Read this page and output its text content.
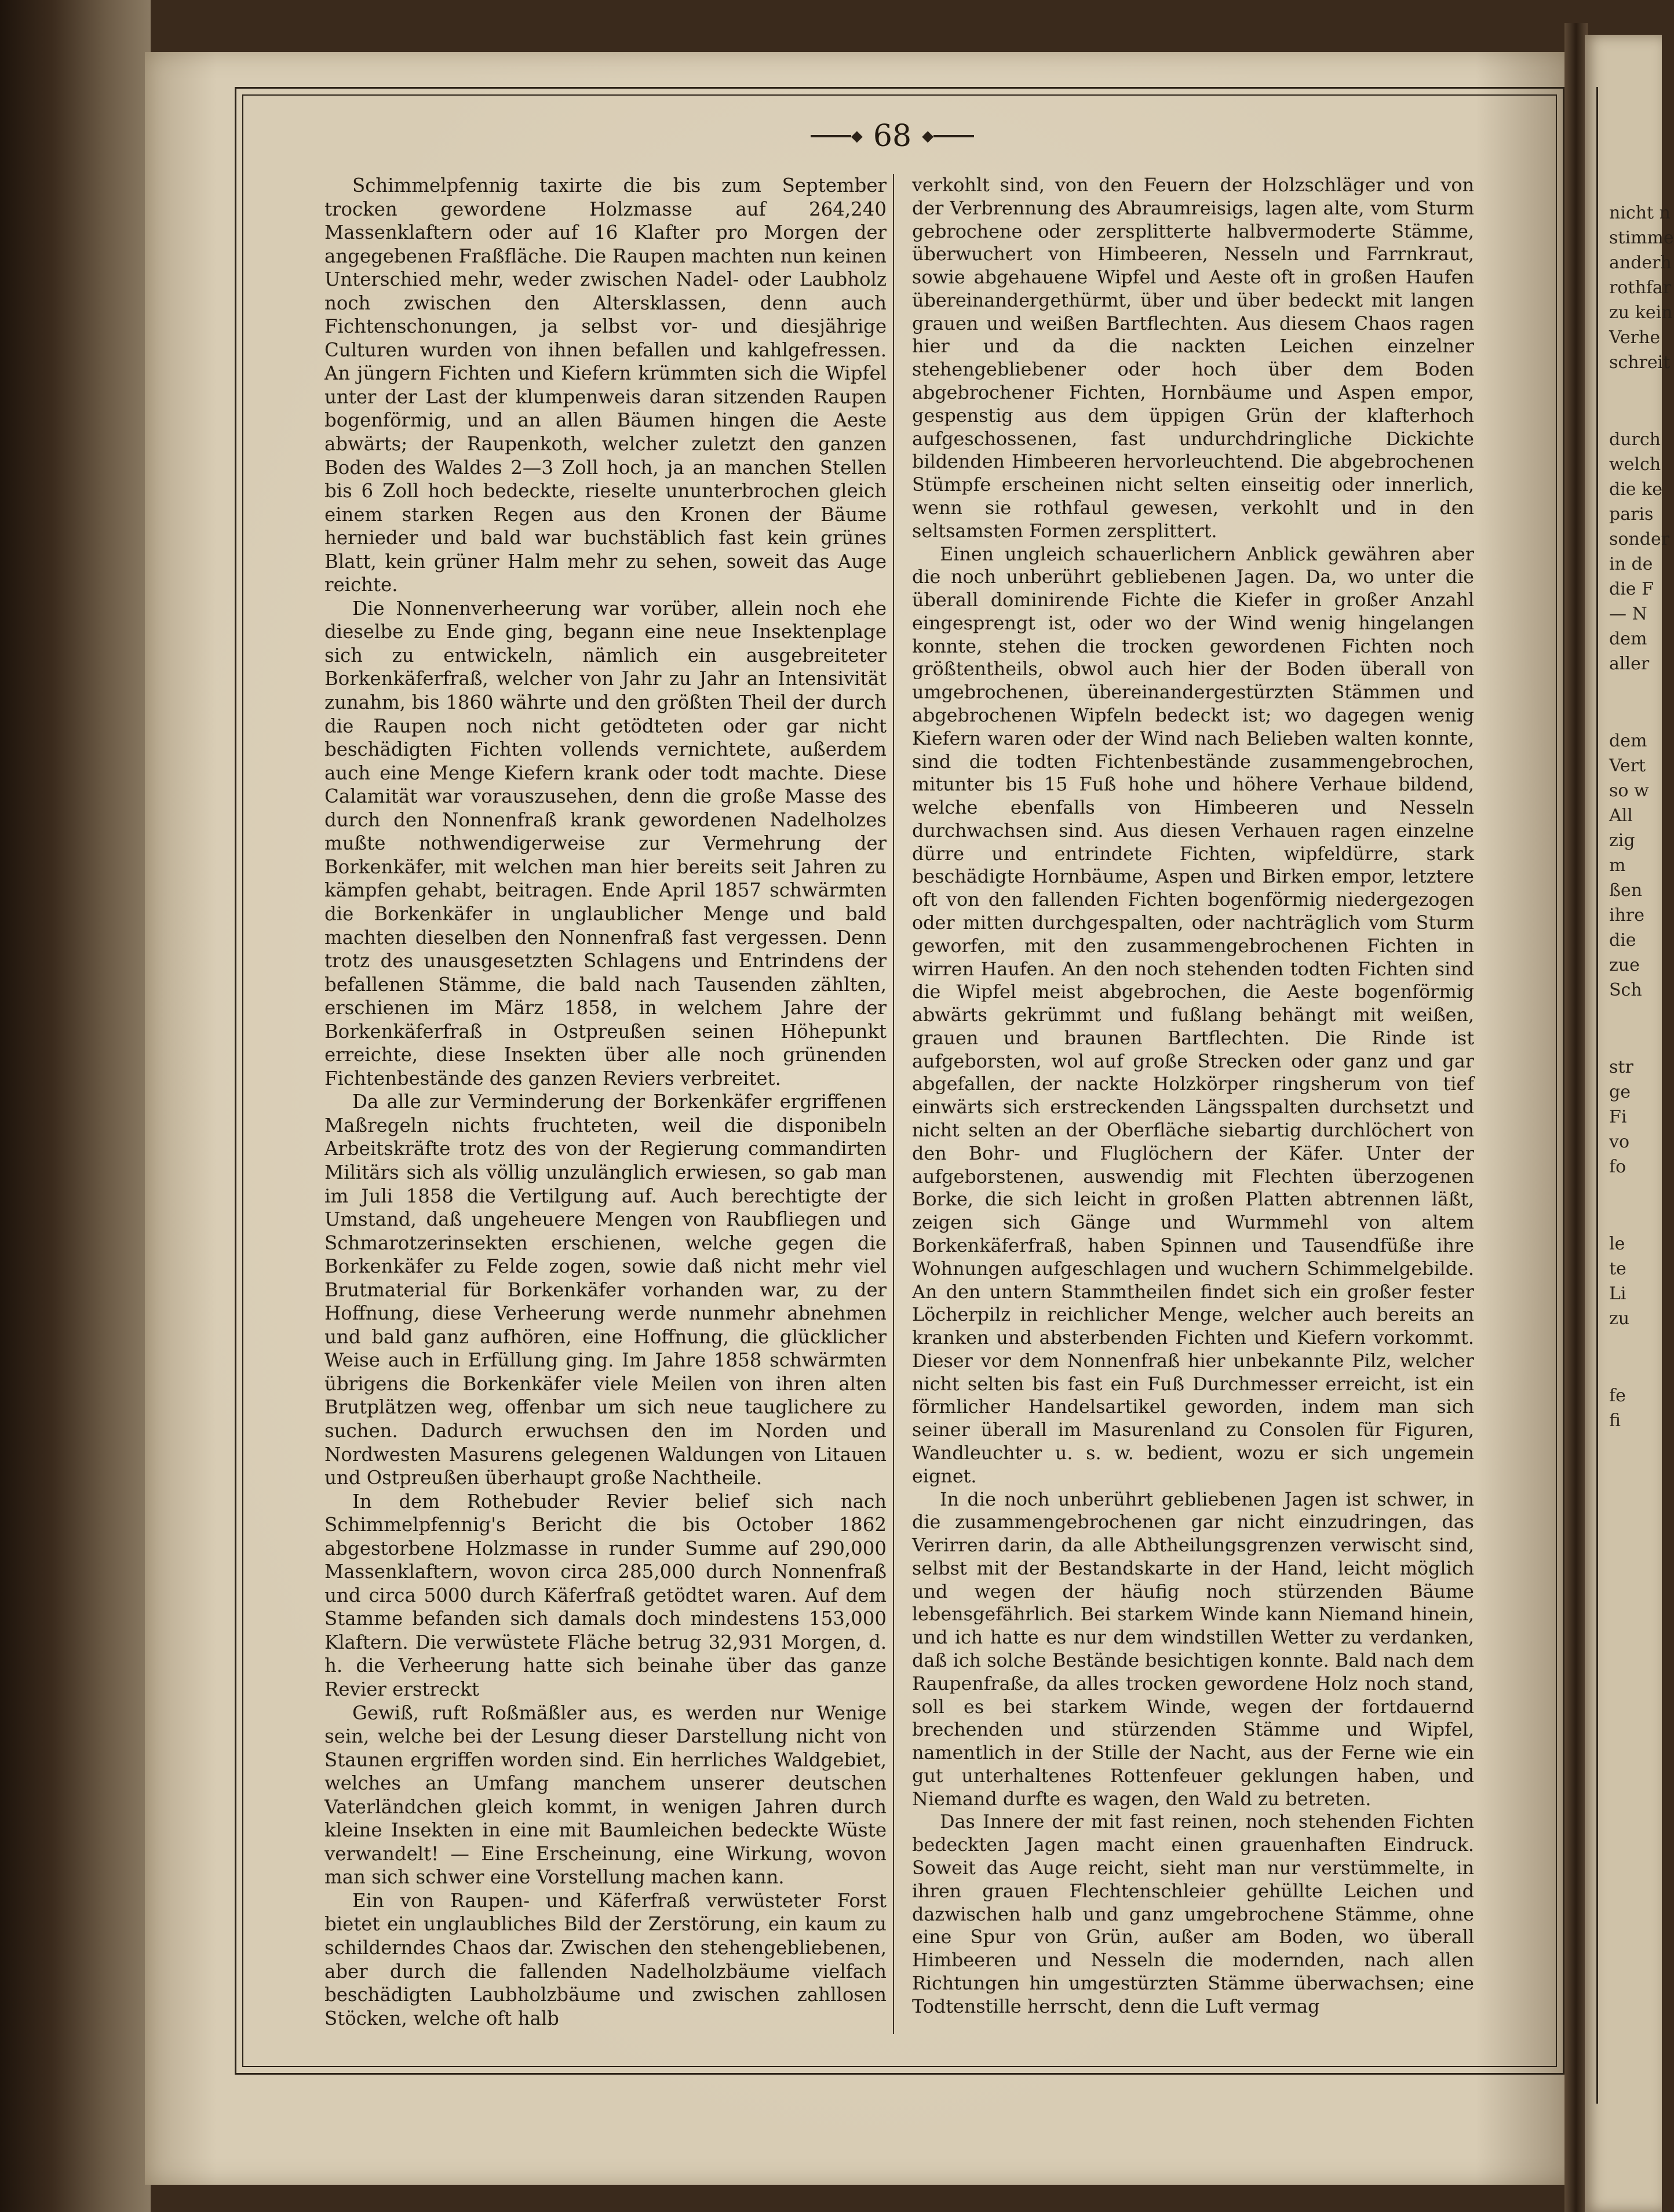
nicht n
stimme
anderh
rothfar
zu kein
Verhe
schreit
durch
welch
die ke
paris
sonder
in de
die F
— N
dem
aller
dem
Vert
so w
All
zig
m
ßen
ihre
die
zue
Sch
str
ge
Fi
vo
fo
le
te
Li
zu
fe
fi
◆ 68 ◆

Schimmelpfennig taxirte die bis zum September trocken gewordene Holzmasse auf 264,240 Massenklaftern oder auf 16 Klafter pro Morgen der angegebenen Fraßfläche. Die Raupen machten nun keinen Unterschied mehr, weder zwischen Nadel- oder Laubholz noch zwischen den Altersklassen, denn auch Fichtenschonungen, ja selbst vor- und diesjährige Culturen wurden von ihnen befallen und kahlgefressen. An jüngern Fichten und Kiefern krümmten sich die Wipfel unter der Last der klumpenweis daran sitzenden Raupen bogenförmig, und an allen Bäumen hingen die Aeste abwärts; der Raupenkoth, welcher zuletzt den ganzen Boden des Waldes 2—3 Zoll hoch, ja an manchen Stellen bis 6 Zoll hoch bedeckte, rieselte ununterbrochen gleich einem starken Regen aus den Kronen der Bäume hernieder und bald war buchstäblich fast kein grünes Blatt, kein grüner Halm mehr zu sehen, soweit das Auge reichte.

Die Nonnenverheerung war vorüber, allein noch ehe dieselbe zu Ende ging, begann eine neue Insektenplage sich zu entwickeln, nämlich ein ausgebreiteter Borkenkäferfraß, welcher von Jahr zu Jahr an Intensivität zunahm, bis 1860 währte und den größten Theil der durch die Raupen noch nicht getödteten oder gar nicht beschädigten Fichten vollends vernichtete, außerdem auch eine Menge Kiefern krank oder todt machte. Diese Calamität war vorauszusehen, denn die große Masse des durch den Nonnenfraß krank gewordenen Nadelholzes mußte nothwendigerweise zur Vermehrung der Borkenkäfer, mit welchen man hier bereits seit Jahren zu kämpfen gehabt, beitragen. Ende April 1857 schwärmten die Borkenkäfer in unglaublicher Menge und bald machten dieselben den Nonnenfraß fast vergessen. Denn trotz des unausgesetzten Schlagens und Entrindens der befallenen Stämme, die bald nach Tausenden zählten, erschienen im März 1858, in welchem Jahre der Borkenkäferfraß in Ostpreußen seinen Höhepunkt erreichte, diese Insekten über alle noch grünenden Fichtenbestände des ganzen Reviers verbreitet.

Da alle zur Verminderung der Borkenkäfer ergriffenen Maßregeln nichts fruchteten, weil die disponibeln Arbeitskräfte trotz des von der Regierung commandirten Militärs sich als völlig unzulänglich erwiesen, so gab man im Juli 1858 die Vertilgung auf. Auch berechtigte der Umstand, daß ungeheuere Mengen von Raubfliegen und Schmarotzerinsekten erschienen, welche gegen die Borkenkäfer zu Felde zogen, sowie daß nicht mehr viel Brutmaterial für Borkenkäfer vorhanden war, zu der Hoffnung, diese Verheerung werde nunmehr abnehmen und bald ganz aufhören, eine Hoffnung, die glücklicher Weise auch in Erfüllung ging. Im Jahre 1858 schwärmten übrigens die Borkenkäfer viele Meilen von ihren alten Brutplätzen weg, offenbar um sich neue tauglichere zu suchen. Dadurch erwuchsen den im Norden und Nordwesten Masurens gelegenen Waldungen von Litauen und Ostpreußen überhaupt große Nachtheile.

In dem Rothebuder Revier belief sich nach Schimmelpfennig's Bericht die bis October 1862 abgestorbene Holzmasse in runder Summe auf 290,000 Massenklaftern, wovon circa 285,000 durch Nonnenfraß und circa 5000 durch Käferfraß getödtet waren. Auf dem Stamme befanden sich damals doch mindestens 153,000 Klaftern. Die verwüstete Fläche betrug 32,931 Morgen, d. h. die Verheerung hatte sich beinahe über das ganze Revier erstreckt

Gewiß, ruft Roßmäßler aus, es werden nur Wenige sein, welche bei der Lesung dieser Darstellung nicht von Staunen ergriffen worden sind. Ein herrliches Waldgebiet, welches an Umfang manchem unserer deutschen Vaterländchen gleich kommt, in wenigen Jahren durch kleine Insekten in eine mit Baumleichen bedeckte Wüste verwandelt! — Eine Erscheinung, eine Wirkung, wovon man sich schwer eine Vorstellung machen kann.

Ein von Raupen- und Käferfraß verwüsteter Forst bietet ein unglaubliches Bild der Zerstörung, ein kaum zu schilderndes Chaos dar. Zwischen den stehengebliebenen, aber durch die fallenden Nadelholzbäume vielfach beschädigten Laubholzbäume und zwischen zahllosen Stöcken, welche oft halb

verkohlt sind, von den Feuern der Holzschläger und von der Verbrennung des Abraumreisigs, lagen alte, vom Sturm gebrochene oder zersplitterte halbvermoderte Stämme, überwuchert von Himbeeren, Nesseln und Farrnkraut, sowie abgehauene Wipfel und Aeste oft in großen Haufen übereinandergethürmt, über und über bedeckt mit langen grauen und weißen Bartflechten. Aus diesem Chaos ragen hier und da die nackten Leichen einzelner stehengebliebener oder hoch über dem Boden abgebrochener Fichten, Hornbäume und Aspen empor, gespenstig aus dem üppigen Grün der klafterhoch aufgeschossenen, fast undurchdringliche Dickichte bildenden Himbeeren hervorleuchtend. Die abgebrochenen Stümpfe erscheinen nicht selten einseitig oder innerlich, wenn sie rothfaul gewesen, verkohlt und in den seltsamsten Formen zersplittert.

Einen ungleich schauerlichern Anblick gewähren aber die noch unberührt gebliebenen Jagen. Da, wo unter die überall dominirende Fichte die Kiefer in großer Anzahl eingesprengt ist, oder wo der Wind wenig hingelangen konnte, stehen die trocken gewordenen Fichten noch größtentheils, obwol auch hier der Boden überall von umgebrochenen, übereinandergestürzten Stämmen und abgebrochenen Wipfeln bedeckt ist; wo dagegen wenig Kiefern waren oder der Wind nach Belieben walten konnte, sind die todten Fichtenbestände zusammengebrochen, mitunter bis 15 Fuß hohe und höhere Verhaue bildend, welche ebenfalls von Himbeeren und Nesseln durchwachsen sind. Aus diesen Verhauen ragen einzelne dürre und entrindete Fichten, wipfeldürre, stark beschädigte Hornbäume, Aspen und Birken empor, letztere oft von den fallenden Fichten bogenförmig niedergezogen oder mitten durchgespalten, oder nachträglich vom Sturm geworfen, mit den zusammengebrochenen Fichten in wirren Haufen. An den noch stehenden todten Fichten sind die Wipfel meist abgebrochen, die Aeste bogenförmig abwärts gekrümmt und fußlang behängt mit weißen, grauen und braunen Bartflechten. Die Rinde ist aufgeborsten, wol auf große Strecken oder ganz und gar abgefallen, der nackte Holzkörper ringsherum von tief einwärts sich erstreckenden Längsspalten durchsetzt und nicht selten an der Oberfläche siebartig durchlöchert von den Bohr- und Fluglöchern der Käfer. Unter der aufgeborstenen, auswendig mit Flechten überzogenen Borke, die sich leicht in großen Platten abtrennen läßt, zeigen sich Gänge und Wurmmehl von altem Borkenkäferfraß, haben Spinnen und Tausendfüße ihre Wohnungen aufgeschlagen und wuchern Schimmelgebilde. An den untern Stammtheilen findet sich ein großer fester Löcherpilz in reichlicher Menge, welcher auch bereits an kranken und absterbenden Fichten und Kiefern vorkommt. Dieser vor dem Nonnenfraß hier unbekannte Pilz, welcher nicht selten bis fast ein Fuß Durchmesser erreicht, ist ein förmlicher Handelsartikel geworden, indem man sich seiner überall im Masurenland zu Consolen für Figuren, Wandleuchter u. s. w. bedient, wozu er sich ungemein eignet.

In die noch unberührt gebliebenen Jagen ist schwer, in die zusammengebrochenen gar nicht einzudringen, das Verirren darin, da alle Abtheilungsgrenzen verwischt sind, selbst mit der Bestandskarte in der Hand, leicht möglich und wegen der häufig noch stürzenden Bäume lebensgefährlich. Bei starkem Winde kann Niemand hinein, und ich hatte es nur dem windstillen Wetter zu verdanken, daß ich solche Bestände besichtigen konnte. Bald nach dem Raupenfraße, da alles trocken gewordene Holz noch stand, soll es bei starkem Winde, wegen der fortdauernd brechenden und stürzenden Stämme und Wipfel, namentlich in der Stille der Nacht, aus der Ferne wie ein gut unterhaltenes Rottenfeuer geklungen haben, und Niemand durfte es wagen, den Wald zu betreten.

Das Innere der mit fast reinen, noch stehenden Fichten bedeckten Jagen macht einen grauenhaften Eindruck. Soweit das Auge reicht, sieht man nur verstümmelte, in ihren grauen Flechtenschleier gehüllte Leichen und dazwischen halb und ganz umgebrochene Stämme, ohne eine Spur von Grün, außer am Boden, wo überall Himbeeren und Nesseln die modernden, nach allen Richtungen hin umgestürzten Stämme überwachsen; eine Todtenstille herrscht, denn die Luft vermag
